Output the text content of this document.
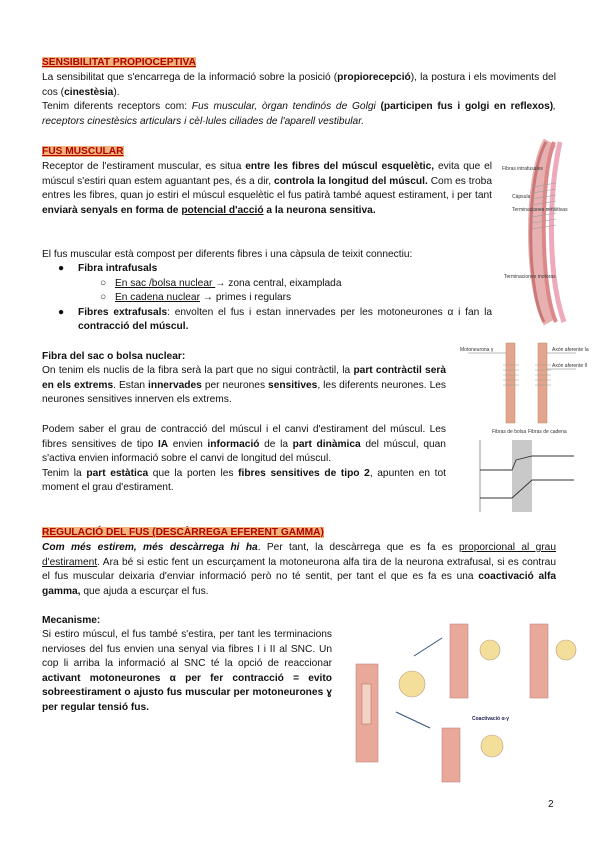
SENSIBILITAT PROPIOCEPTIVA
La sensibilitat que s'encarrega de la informació sobre la posició (propiorecepció), la postura i els moviments del cos (cinestèsia).
Tenim diferents receptors com: Fus muscular, òrgan tendinós de Golgi (participen fus i golgi en reflexos), receptors cinestèsics articulars i cèl·lules ciliades de l'aparell vestibular.
FUS MUSCULAR
Receptor de l'estirament muscular, es situa entre les fibres del múscul esquelètic, evita que el múscul s'estiri quan estem aguantant pes, és a dir, controla la longitud del múscul. Com es troba entres les fibres, quan jo estiri el múscul esquelètic el fus patirà també aquest estirament, i per tant enviarà senyals en forma de potencial d'acció a la neurona sensitiva.
El fus muscular està compost per diferents fibres i una càpsula de teixit connectiu:
● Fibra intrafusals
○ En sac /bolsa nuclear → zona central, eixamplada
○ En cadena nuclear → primes i regulars
● Fibres extrafusals: envolten el fus i estan innervades per les motoneurones α i fan la contracció del múscul.
Fibras intrafusales
Cápsula
Terminaciones sensitivas
Terminaciones motoras
Fibra del sac o bolsa nuclear:
On tenim els nuclis de la fibra serà la part que no sigui contràctil, la part contràctil serà en els extrems. Estan innervades per neurones sensitives, les diferents neurones. Les neurones sensitives innerven els extrems.
Podem saber el grau de contracció del múscul i el canvi d'estirament del múscul. Les fibres sensitives de tipo IA envien informació de la part dinàmica del múscul, quan s'activa envien informació sobre el canvi de longitud del múscul.
Tenim la part estàtica que la porten les fibres sensitives de tipo 2, apunten en tot moment el grau d'estirament.
Motoneurona γ	Axón aferente Ia
Axón aferente II
Fibras de bolsa Fibras de cadena
REGULACIÓ DEL FUS (DESCÀRREGA EFERENT GAMMA)
Com més estirem, més descàrrega hi ha. Per tant, la descàrrega que es fa es proporcional al grau d'estirament. Ara bé si estic fent un escurçament la motoneurona alfa tira de la neurona extrafusal, si es contrau el fus muscular deixaria d'enviar informació però no té sentit, per tant el que es fa es una coactivació alfa gamma, que ajuda a escurçar el fus.
Mecanisme:
Si estiro múscul, el fus també s'estira, per tant les terminacions nervioses del fus envien una senyal via fibres I i II al SNC. Un cop li arriba la informació al SNC té la opció de reaccionar activant motoneurones α per fer contracció = evito sobreestirament o ajusto fus muscular per motoneurones ɣ per regular tensió fus.
Coactivació α-γ
2
